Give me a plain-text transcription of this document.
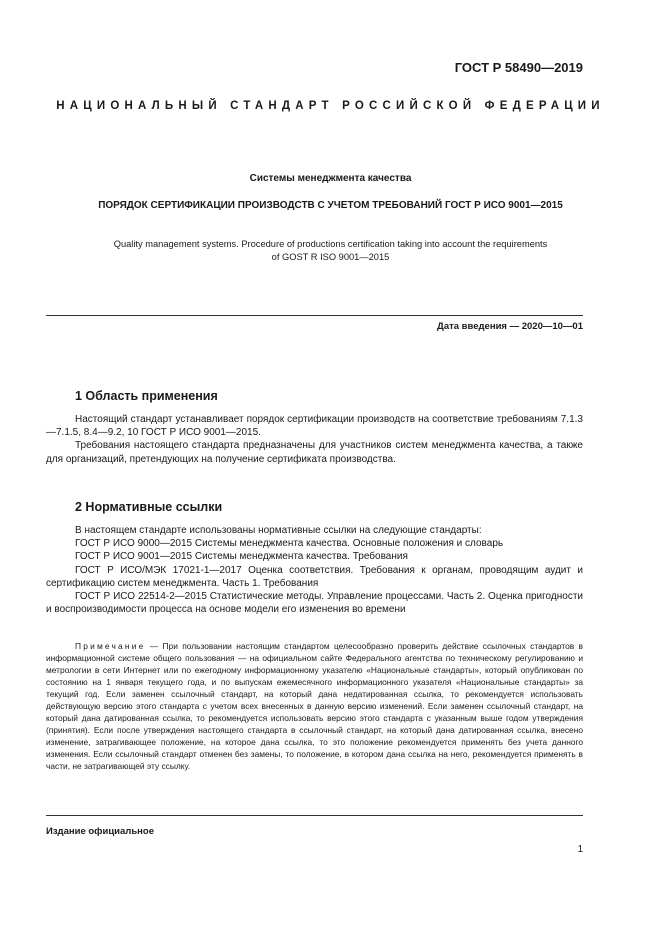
ГОСТ Р 58490—2019
НАЦИОНАЛЬНЫЙ СТАНДАРТ РОССИЙСКОЙ ФЕДЕРАЦИИ
Системы менеджмента качества
ПОРЯДОК СЕРТИФИКАЦИИ ПРОИЗВОДСТВ С УЧЕТОМ ТРЕБОВАНИЙ ГОСТ Р ИСО 9001—2015
Quality management systems. Procedure of productions certification taking into account the requirements
of GOST R ISO 9001—2015
Дата введения — 2020—10—01
1 Область применения

Настоящий стандарт устанавливает порядок сертификации производств на соответствие требованиям 7.1.3—7.1.5, 8.4—9.2, 10 ГОСТ Р ИСО 9001—2015.

Требования настоящего стандарта предназначены для участников систем менеджмента качества, а также для организаций, претендующих на получение сертификата производства.

2 Нормативные ссылки

В настоящем стандарте использованы нормативные ссылки на следующие стандарты:

ГОСТ Р ИСО 9000—2015 Системы менеджмента качества. Основные положения и словарь

ГОСТ Р ИСО 9001—2015 Системы менеджмента качества. Требования

ГОСТ Р ИСО/МЭК 17021-1—2017 Оценка соответствия. Требования к органам, проводящим аудит и сертификацию систем менеджмента. Часть 1. Требования

ГОСТ Р ИСО 22514-2—2015 Статистические методы. Управление процессами. Часть 2. Оценка пригодности и воспроизводимости процесса на основе модели его изменения во времени

Примечание — При пользовании настоящим стандартом целесообразно проверить действие ссылочных стандартов в информационной системе общего пользования — на официальном сайте Федерального агентства по техническому регулированию и метрологии в сети Интернет или по ежегодному информационному указателю «Национальные стандарты», который опубликован по состоянию на 1 января текущего года, и по выпускам ежемесячного информационного указателя «Национальные стандарты» за текущий год. Если заменен ссылочный стандарт, на который дана недатированная ссылка, то рекомендуется использовать действующую версию этого стандарта с учетом всех внесенных в данную версию изменений. Если заменен ссылочный стандарт, на который дана датированная ссылка, то рекомендуется использовать версию этого стандарта с указанным выше годом утверждения (принятия). Если после утверждения настоящего стандарта в ссылочный стандарт, на который дана датированная ссылка, внесено изменение, затрагивающее положение, на которое дана ссылка, то это положение рекомендуется применять без учета данного изменения. Если ссылочный стандарт отменен без замены, то положение, в котором дана ссылка на него, рекомендуется применять в части, не затрагивающей эту ссылку.

Издание официальное
1
